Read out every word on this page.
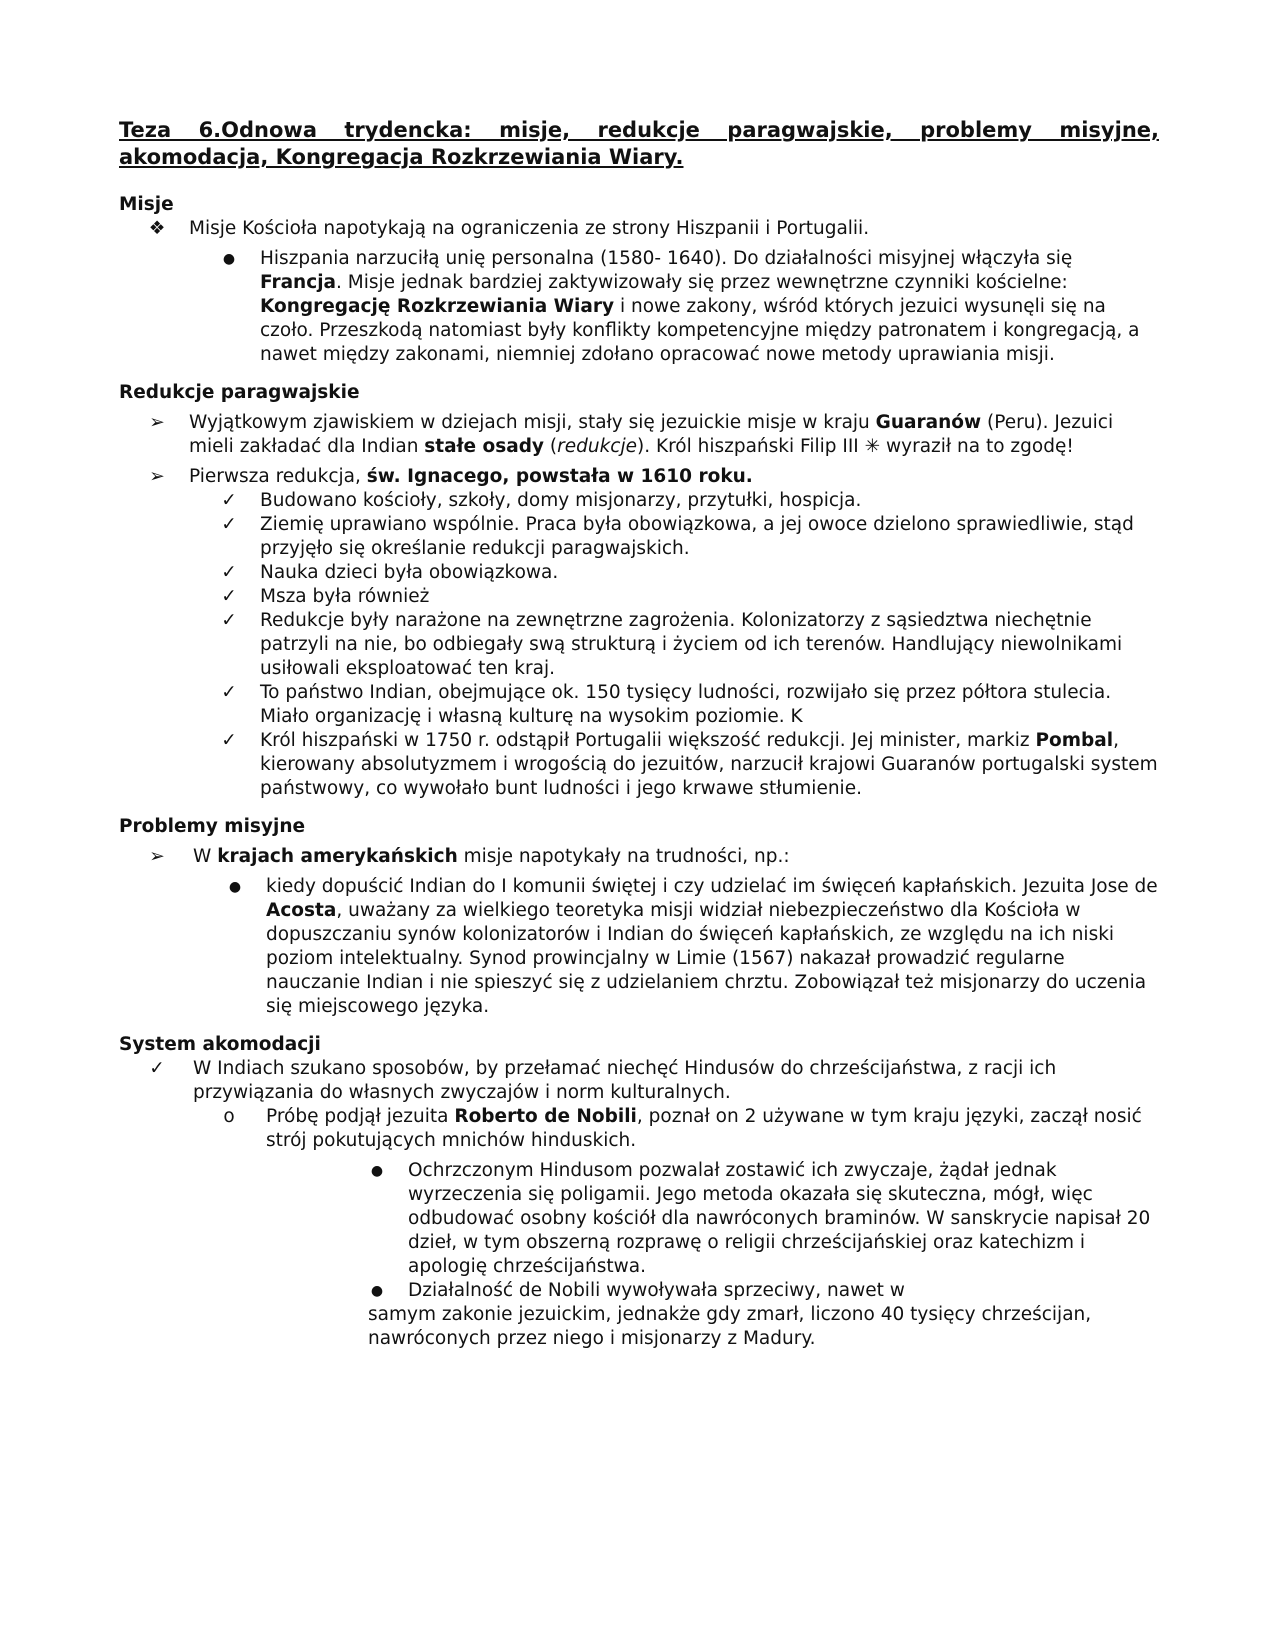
Teza 6.Odnowa trydencka: misje, redukcje paragwajskie, problemy misyjne, akomodacja, Kongregacja Rozkrzewiania Wiary.
Misje
❖ Misje Kościoła napotykają na ograniczenia ze strony Hiszpanii i Portugalii.
●	Hiszpania narzuciłą unię personalna (1580- 1640). Do działalności misyjnej włączyła się Francja. Misje jednak bardziej zaktywizowały się przez wewnętrzne czynniki kościelne: Kongregację Rozkrzewiania Wiary i nowe zakony, wśród których jezuici wysunęli się na czoło. Przeszkodą natomiast były konflikty kompetencyjne między patronatem i kongregacją, a nawet między zakonami, niemniej zdołano opracować nowe metody uprawiania misji.
Redukcje paragwajskie
➢ Wyjątkowym zjawiskiem w dziejach misji, stały się jezuickie misje w kraju Guaranów (Peru). Jezuici mieli zakładać dla Indian stałe osady (redukcje). Król hiszpański Filip III ✳ wyraził na to zgodę!
➢ Pierwsza redukcja, św. Ignacego, powstała w 1610 roku.
✓ Budowano kościoły, szkoły, domy misjonarzy, przytułki, hospicja.
✓ Ziemię uprawiano wspólnie. Praca była obowiązkowa, a jej owoce dzielono sprawiedliwie, stąd przyjęło się określanie redukcji paragwajskich.
✓ Nauka dzieci była obowiązkowa.
✓ Msza była również
✓ Redukcje były narażone na zewnętrzne zagrożenia. Kolonizatorzy z sąsiedztwa niechętnie patrzyli na nie, bo odbiegały swą strukturą i życiem od ich terenów. Handlujący niewolnikami usiłowali eksploatować ten kraj.
✓ To państwo Indian, obejmujące ok. 150 tysięcy ludności, rozwijało się przez półtora stulecia. Miało organizację i własną kulturę na wysokim poziomie. K
✓ Król hiszpański w 1750 r. odstąpił Portugalii większość redukcji. Jej minister, markiz Pombal, kierowany absolutyzmem i wrogością do jezuitów, narzucił krajowi Guaranów portugalski system państwowy, co wywołało bunt ludności i jego krwawe stłumienie.
Problemy misyjne
➢ W krajach amerykańskich misje napotykały na trudności, np.:
●	kiedy dopuścić Indian do I komunii świętej i czy udzielać im święceń kapłańskich. Jezuita Jose de Acosta, uważany za wielkiego teoretyka misji widział niebezpieczeństwo dla Kościoła w dopuszczaniu synów kolonizatorów i Indian do święceń kapłańskich, ze względu na ich niski poziom intelektualny. Synod prowincjalny w Limie (1567) nakazał prowadzić regularne nauczanie Indian i nie spieszyć się z udzielaniem chrztu. Zobowiązał też misjonarzy do uczenia się miejscowego języka.
System akomodacji
✓ W Indiach szukano sposobów, by przełamać niechęć Hindusów do chrześcijaństwa, z racji ich przywiązania do własnych zwyczajów i norm kulturalnych.
o	Próbę podjął jezuita Roberto de Nobili, poznał on 2 używane w tym kraju języki, zaczął nosić strój pokutujących mnichów hinduskich.
●	Ochrzczonym Hindusom pozwalał zostawić ich zwyczaje, żądał jednak wyrzeczenia się poligamii. Jego metoda okazała się skuteczna, mógł, więc odbudować osobny kościół dla nawróconych braminów. W sanskrycie napisał 20 dzieł, w tym obszerną rozprawę o religii chrześcijańskiej oraz katechizm i apologię chrześcijaństwa.
●	Działalność de Nobili wywoływała sprzeciwy, nawet w
samym zakonie jezuickim, jednakże gdy zmarł, liczono 40 tysięcy chrześcijan, nawróconych przez niego i misjonarzy z Madury.
